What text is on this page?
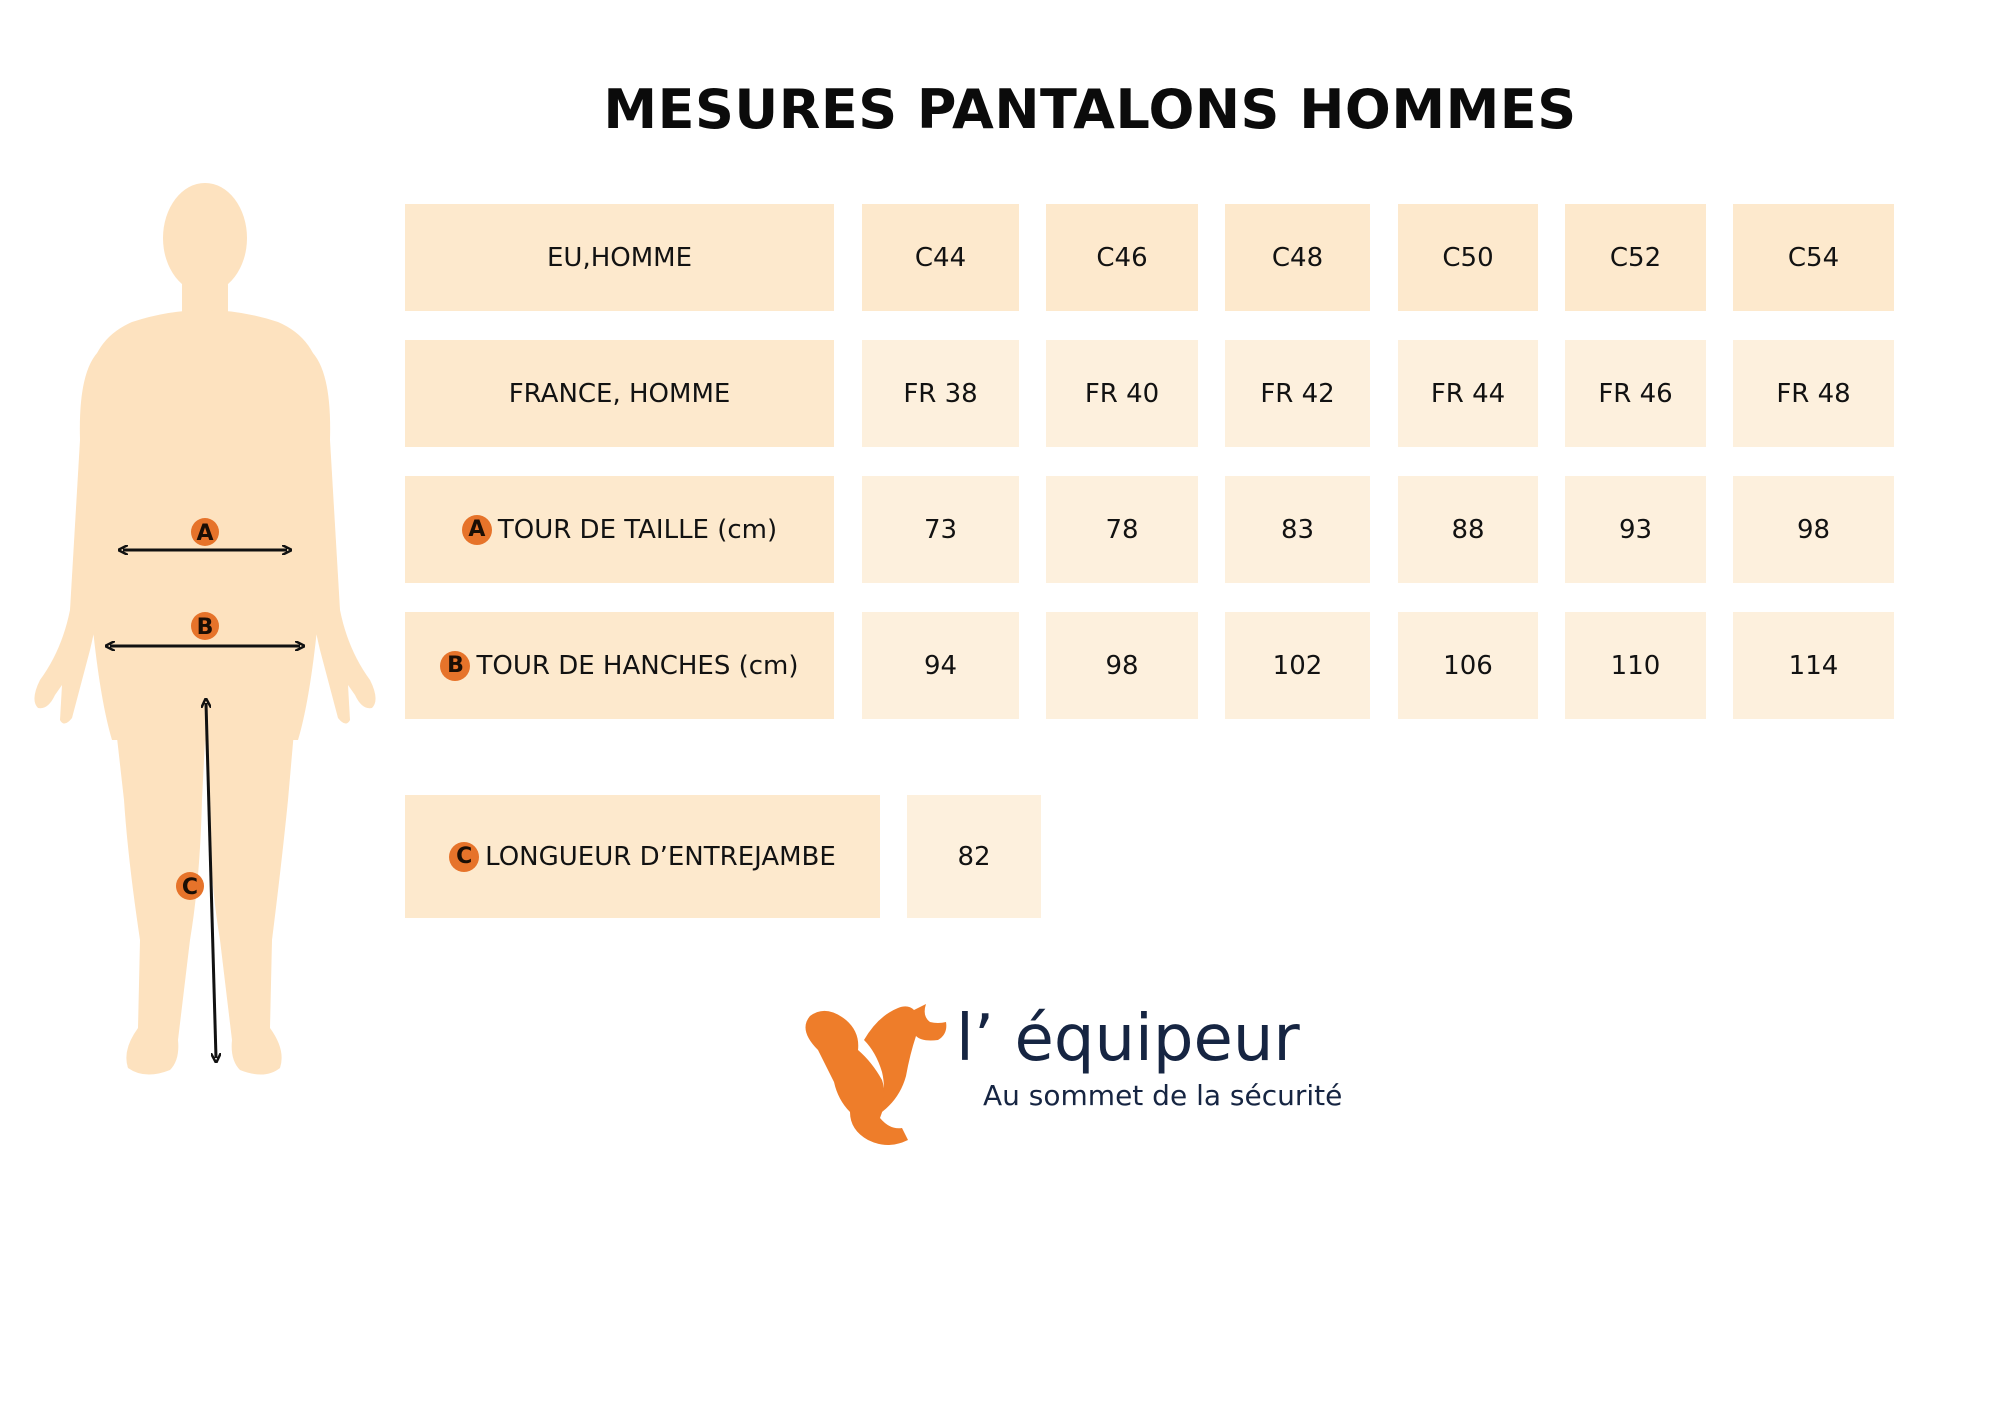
MESURES PANTALONS HOMMES
A
B
C
EU,HOMME	C44	C46	C48	C50	C52	C54
FRANCE, HOMME	FR 38	FR 40	FR 42	FR 44	FR 46	FR 48
A TOUR DE TAILLE (cm)	73	78	83	88	93	98
B TOUR DE HANCHES (cm)	94	98	102	106	110	114
C LONGUEUR D’ENTREJAMBE	82
l’ équipeur
Au sommet de la sécurité
